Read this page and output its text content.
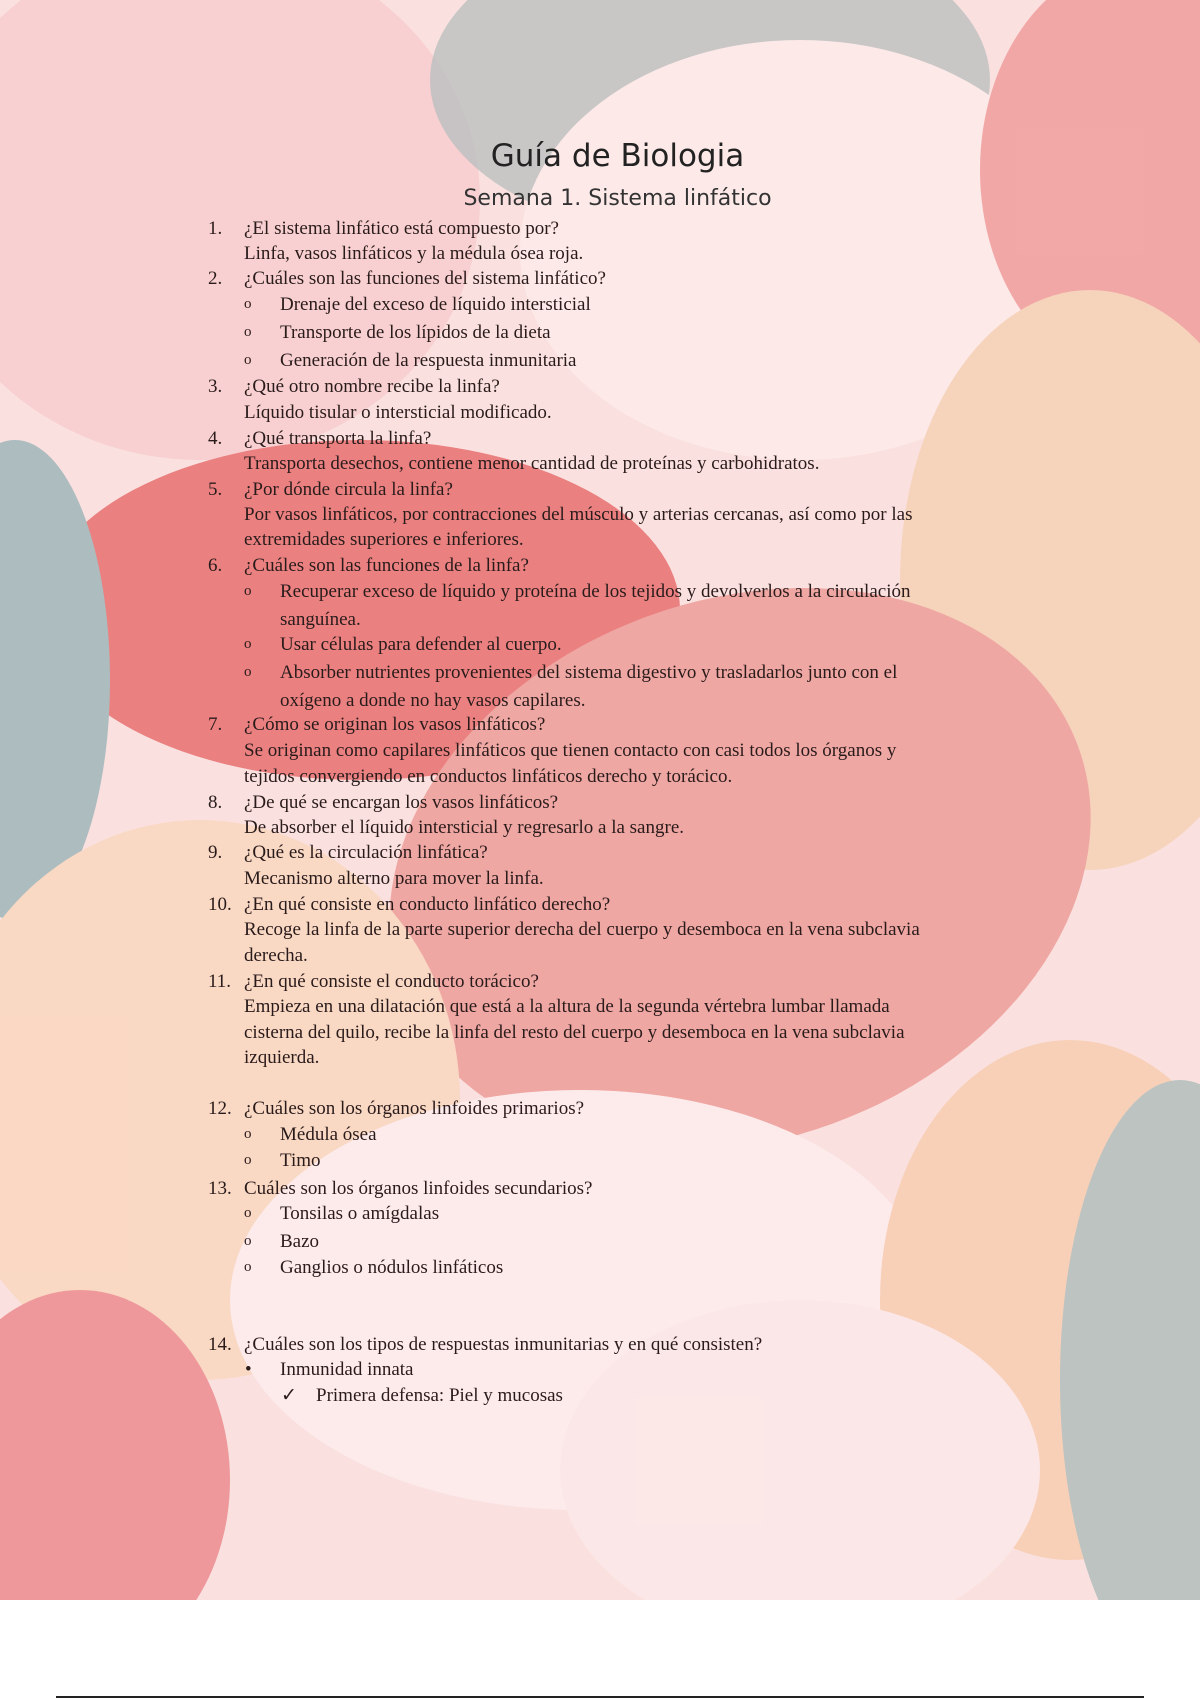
Guía de Biologia
Semana 1. Sistema linfático
1. ¿El sistema linfático está compuesto por?
Linfa, vasos linfáticos y la médula ósea roja.
2. ¿Cuáles son las funciones del sistema linfático?
o Drenaje del exceso de líquido intersticial
o Transporte de los lípidos de la dieta
o Generación de la respuesta inmunitaria
3. ¿Qué otro nombre recibe la linfa?
Líquido tisular o intersticial modificado.
4. ¿Qué transporta la linfa?
Transporta desechos, contiene menor cantidad de proteínas y carbohidratos.
5. ¿Por dónde circula la linfa?
Por vasos linfáticos, por contracciones del músculo y arterias cercanas, así como por las
extremidades superiores e inferiores.
6. ¿Cuáles son las funciones de la linfa?
o Recuperar exceso de líquido y proteína de los tejidos y devolverlos a la circulación
sanguínea.
o Usar células para defender al cuerpo.
o Absorber nutrientes provenientes del sistema digestivo y trasladarlos junto con el
oxígeno a donde no hay vasos capilares.
7. ¿Cómo se originan los vasos linfáticos?
Se originan como capilares linfáticos que tienen contacto con casi todos los órganos y
tejidos convergiendo en conductos linfáticos derecho y torácico.
8. ¿De qué se encargan los vasos linfáticos?
De absorber el líquido intersticial y regresarlo a la sangre.
9. ¿Qué es la circulación linfática?
Mecanismo alterno para mover la linfa.
10. ¿En qué consiste en conducto linfático derecho?
Recoge la linfa de la parte superior derecha del cuerpo y desemboca en la vena subclavia
derecha.
11. ¿En qué consiste el conducto torácico?
Empieza en una dilatación que está a la altura de la segunda vértebra lumbar llamada
cisterna del quilo, recibe la linfa del resto del cuerpo y desemboca en la vena subclavia
izquierda.
12. ¿Cuáles son los órganos linfoides primarios?
o Médula ósea
o Timo
13. Cuáles son los órganos linfoides secundarios?
o Tonsilas o amígdalas
o Bazo
o Ganglios o nódulos linfáticos
14. ¿Cuáles son los tipos de respuestas inmunitarias y en qué consisten?
• Inmunidad innata
✓ Primera defensa: Piel y mucosas
